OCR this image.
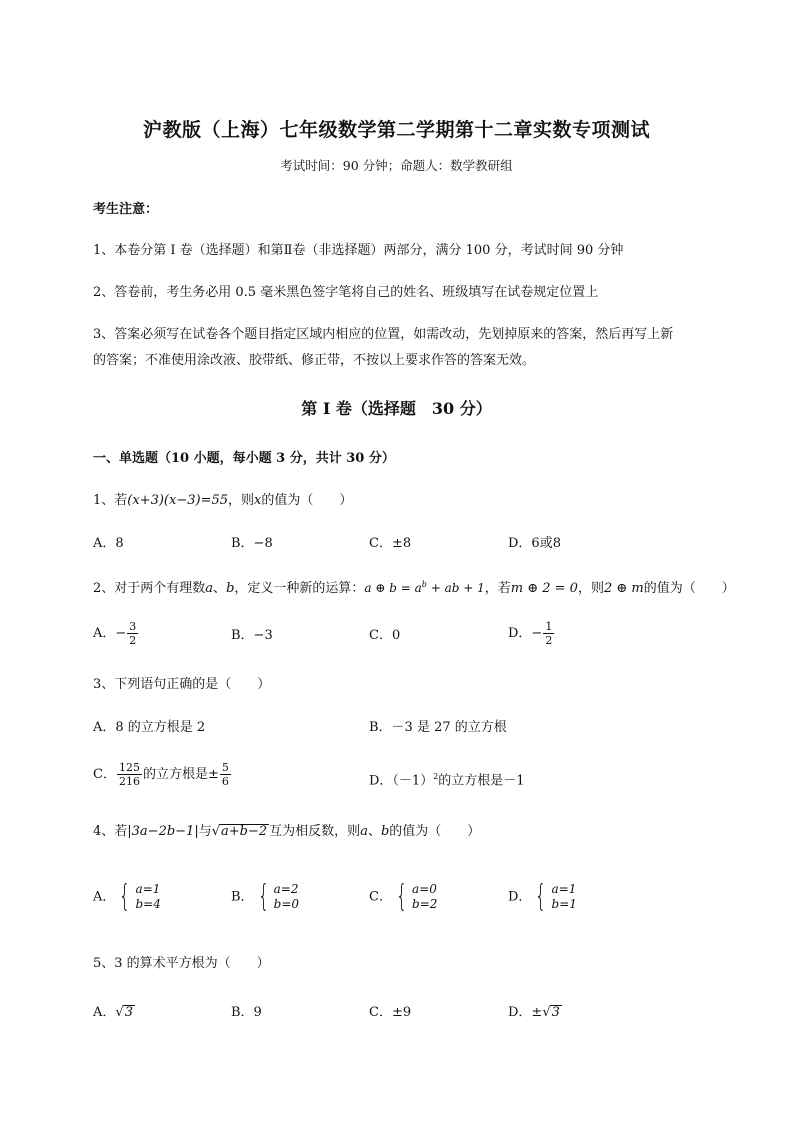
沪教版（上海）七年级数学第二学期第十二章实数专项测试
考试时间：90 分钟；命题人：数学教研组
考生注意：
1、本卷分第 I 卷（选择题）和第Ⅱ卷（非选择题）两部分，满分 100 分，考试时间 90 分钟
2、答卷前，考生务必用 0.5 毫米黑色签字笔将自己的姓名、班级填写在试卷规定位置上
3、答案必须写在试卷各个题目指定区域内相应的位置，如需改动，先划掉原来的答案，然后再写上新
的答案；不准使用涂改液、胶带纸、修正带，不按以上要求作答的答案无效。
第 I 卷（选择题　30 分）
一、单选题（10 小题，每小题 3 分，共计 30 分）
1、若(x+3)(x−3)=55，则x的值为（　　）
A．8	B．−8	C．±8	D．6或8
2、对于两个有理数a、b，定义一种新的运算：a ⊕ $b = a^b$ + ab + 1，若m ⊕ 2 = 0，则2 ⊕ m的值为（　　）
A．− $\frac{3}{2}$	B．−3	C．0	D．− $\frac{1}{2}$
3、下列语句正确的是（　　）
A．8 的立方根是 2	B．－3 是 27 的立方根
C． $\frac{125}{216}$ 的立方根是± $\frac{5}{6}$	D．$(-1)^2$的立方根是－1
4、若|3a−2b−1|与√a+b−2 互为相反数，则a、b的值为（　　）
A． { a=1
b=4	B． { a=2
b=0	C． { a=0
b=2	D． { a=1
b=1
5、3 的算术平方根为（　　）
A．√3	B．9	C．±9	D．±√3
